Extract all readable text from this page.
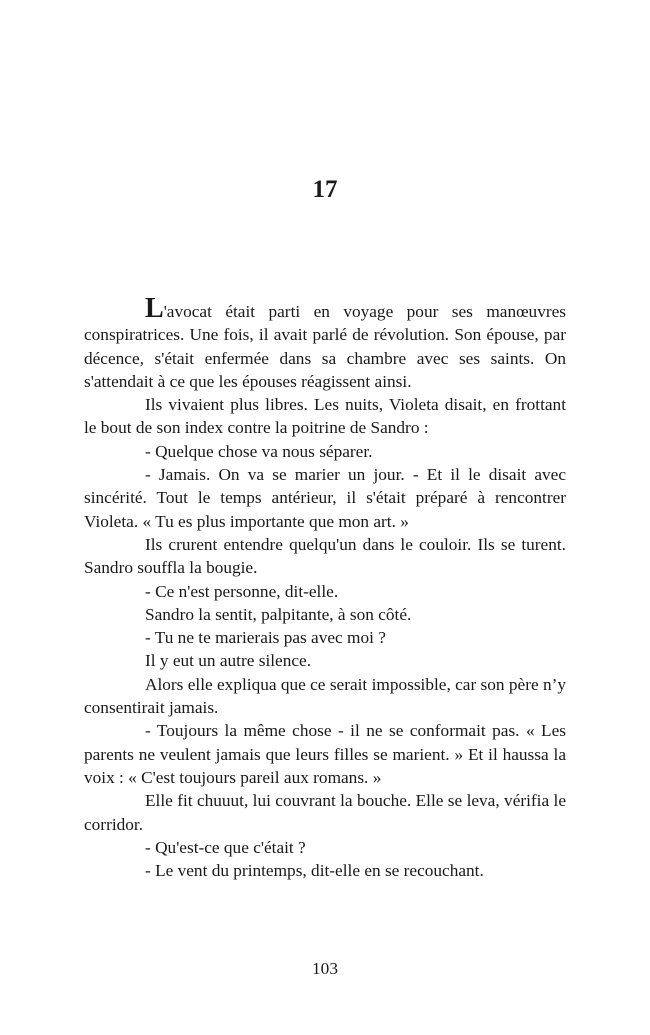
17

L'avocat était parti en voyage pour ses manœuvres conspiratrices. Une fois, il avait parlé de révolution. Son épouse, par décence, s'était enfermée dans sa chambre avec ses saints. On s'attendait à ce que les épouses réagissent ainsi.

Ils vivaient plus libres. Les nuits, Violeta disait, en frottant le bout de son index contre la poitrine de Sandro :

- Quelque chose va nous séparer.

- Jamais. On va se marier un jour. - Et il le disait avec sincérité. Tout le temps antérieur, il s'était préparé à rencontrer Violeta. « Tu es plus importante que mon art. »

Ils crurent entendre quelqu'un dans le couloir. Ils se turent. Sandro souffla la bougie.

- Ce n'est personne, dit-elle.

Sandro la sentit, palpitante, à son côté.

- Tu ne te marierais pas avec moi ?

Il y eut un autre silence.

Alors elle expliqua que ce serait impossible, car son père n’y consentirait jamais.

- Toujours la même chose - il ne se conformait pas. « Les parents ne veulent jamais que leurs filles se marient. » Et il haussa la voix : « C'est toujours pareil aux romans. »

Elle fit chuuut, lui couvrant la bouche. Elle se leva, vérifia le corridor.

- Qu'est-ce que c'était ?

- Le vent du printemps, dit-elle en se recouchant.

103
